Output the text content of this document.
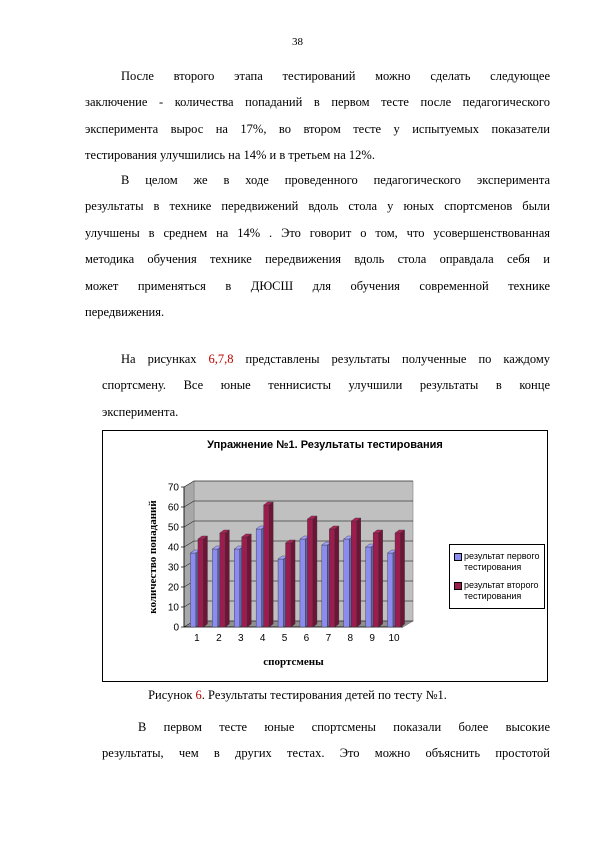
38
После второго этапа тестирований можно сделать следующее
заключение - количества попаданий в первом тесте после педагогического
эксперимента вырос на 17%, во втором тесте у испытуемых показатели
тестирования улучшились на 14% и в третьем на 12%.
В целом же в ходе проведенного педагогического эксперимента
результаты в технике передвижений вдоль стола у юных спортсменов были
улучшены в среднем на 14% . Это говорит о том, что усовершенствованная
методика обучения технике передвижения вдоль стола оправдала себя и
может применяться в ДЮСШ для обучения современной технике
передвижения.
На рисунках 6,7,8 представлены результаты полученные по каждому
спортсмену. Все юные теннисисты улучшили результаты в конце
эксперимента.
Упражнение №1. Результаты тестирования
0
10
20
30
40
50
60
70
1 2 3 4 5 6 7 8 9 10
спортсмены
количество попаданий	результат первого тестирования
результат второго тестирования
Рисунок 6. Результаты тестирования детей по тесту №1.
В первом тесте юные спортсмены показали более высокие
результаты, чем в других тестах. Это можно объяснить простотой
